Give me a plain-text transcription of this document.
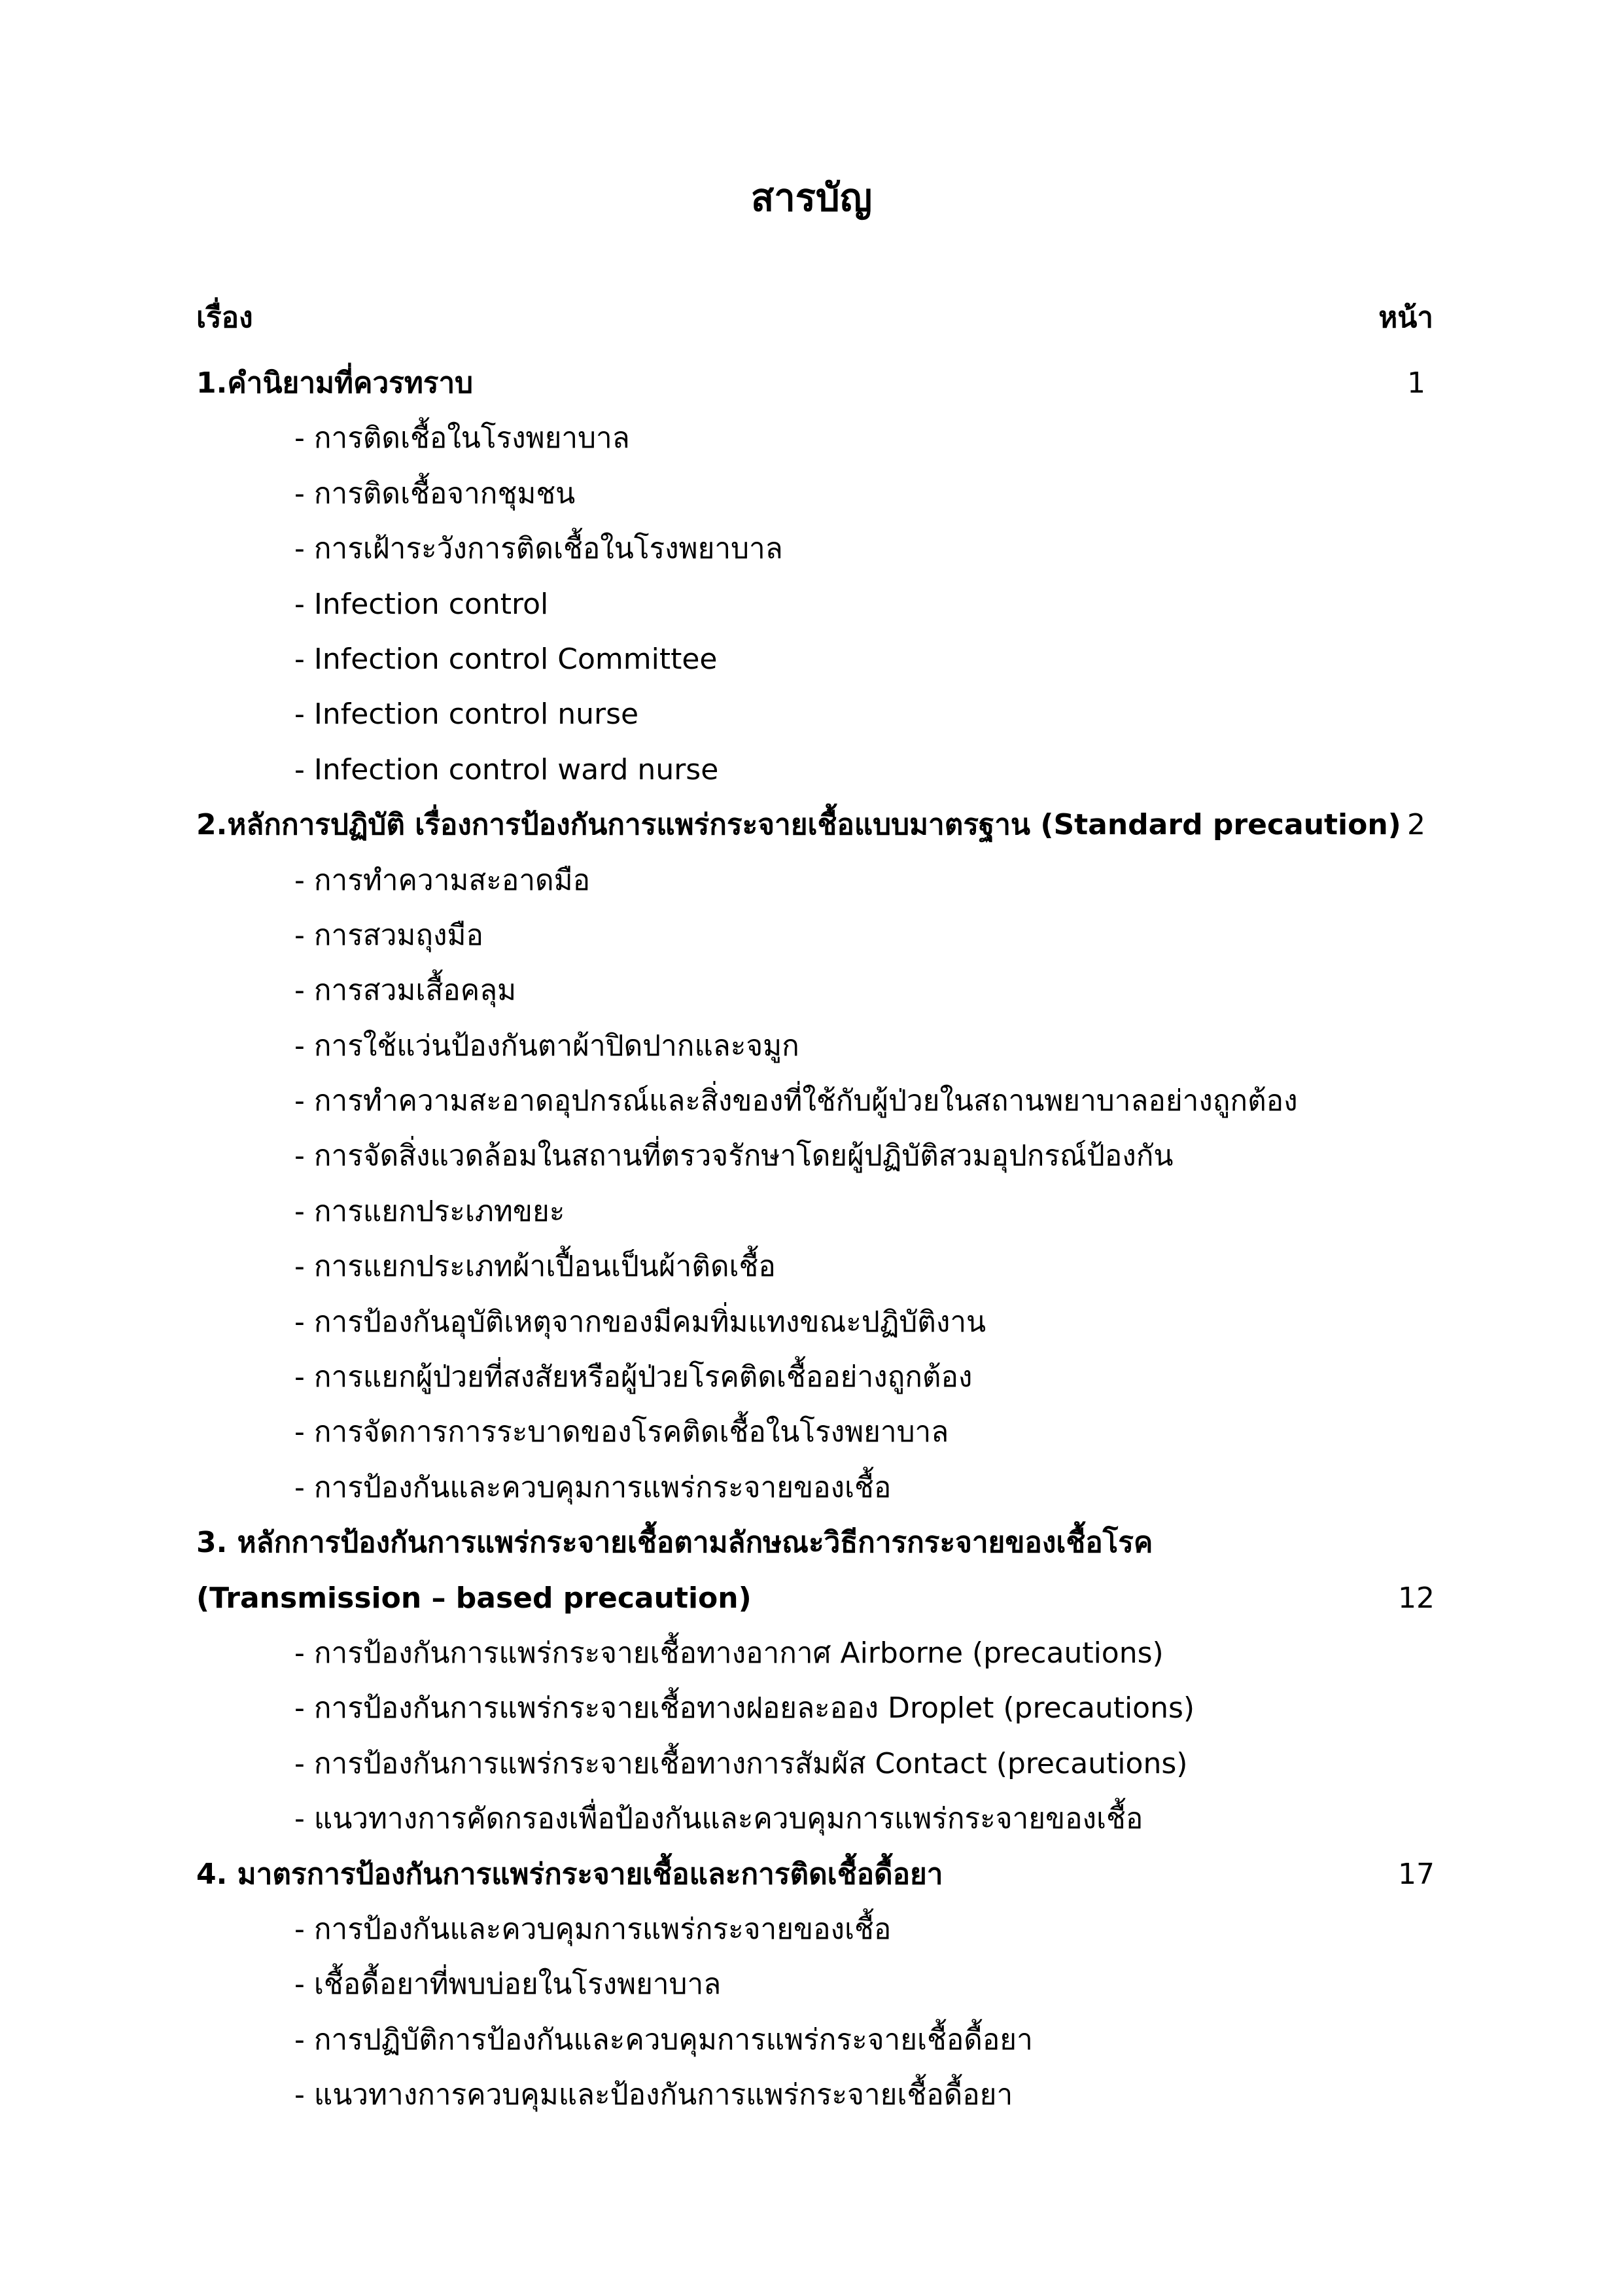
สารบัญ
เรื่อง	หน้า
1.คำนิยามที่ควรทราบ	1
- การติดเชื้อในโรงพยาบาล
- การติดเชื้อจากชุมชน
- การเฝ้าระวังการติดเชื้อในโรงพยาบาล
- Infection control
- Infection control Committee
- Infection control nurse
- Infection control ward nurse
2.หลักการปฏิบัติ เรื่องการป้องกันการแพร่กระจายเชื้อแบบมาตรฐาน (Standard precaution) 2
- การทำความสะอาดมือ
- การสวมถุงมือ
- การสวมเสื้อคลุม
- การใช้แว่นป้องกันตาผ้าปิดปากและจมูก
- การทำความสะอาดอุปกรณ์และสิ่งของที่ใช้กับผู้ป่วยในสถานพยาบาลอย่างถูกต้อง
- การจัดสิ่งแวดล้อมในสถานที่ตรวจรักษาโดยผู้ปฏิบัติสวมอุปกรณ์ป้องกัน
- การแยกประเภทขยะ
- การแยกประเภทผ้าเปื้อนเป็นผ้าติดเชื้อ
- การป้องกันอุบัติเหตุจากของมีคมทิ่มแทงขณะปฏิบัติงาน
- การแยกผู้ป่วยที่สงสัยหรือผู้ป่วยโรคติดเชื้ออย่างถูกต้อง
- การจัดการการระบาดของโรคติดเชื้อในโรงพยาบาล
- การป้องกันและควบคุมการแพร่กระจายของเชื้อ
3. หลักการป้องกันการแพร่กระจายเชื้อตามลักษณะวิธีการกระจายของเชื้อโรค
(Transmission – based precaution)	12
- การป้องกันการแพร่กระจายเชื้อทางอากาศ Airborne (precautions)
- การป้องกันการแพร่กระจายเชื้อทางฝอยละออง Droplet (precautions)
- การป้องกันการแพร่กระจายเชื้อทางการสัมผัส Contact (precautions)
- แนวทางการคัดกรองเพื่อป้องกันและควบคุมการแพร่กระจายของเชื้อ
4. มาตรการป้องกันการแพร่กระจายเชื้อและการติดเชื้อดื้อยา	17
- การป้องกันและควบคุมการแพร่กระจายของเชื้อ
- เชื้อดื้อยาที่พบบ่อยในโรงพยาบาล
- การปฏิบัติการป้องกันและควบคุมการแพร่กระจายเชื้อดื้อยา
- แนวทางการควบคุมและป้องกันการแพร่กระจายเชื้อดื้อยา
